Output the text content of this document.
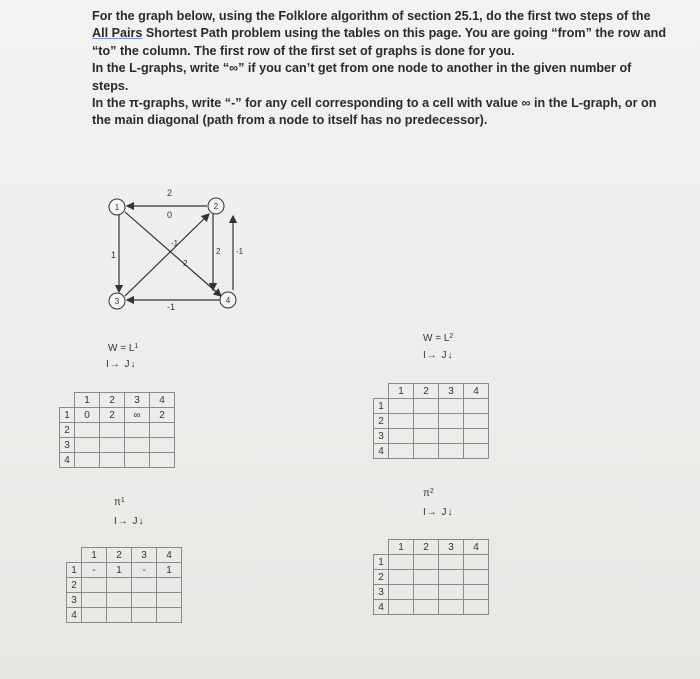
For the graph below, using the Folklore algorithm of section 25.1, do the first two steps of the

All Pairs Shortest Path problem using the tables on this page. You are going “from” the row and

“to” the column. The first row of the first set of graphs is done for you.

In the L-graphs, write “∞” if you can’t get from one node to another in the given number of

steps.

In the π-graphs, write “-” for any cell corresponding to a cell with value ∞ in the L-graph, or on

the main diagonal (path from a node to itself has no predecessor).

2
0
1
-1
2
2 -1
-1
1	2
3	4
$W = L^1$
I→ J↓
	1	2	3	4
1	0	2	∞	2
2				
3				
4				
$W = L^2$
I→ J↓
	1	2	3	4
1				
2				
3				
4				
$\pi^1$
I→ J↓
	1	2	3	4
1	-	1	-	1
2				
3				
4				
$\pi^2$
I→ J↓
	1	2	3	4
1				
2				
3				
4				
